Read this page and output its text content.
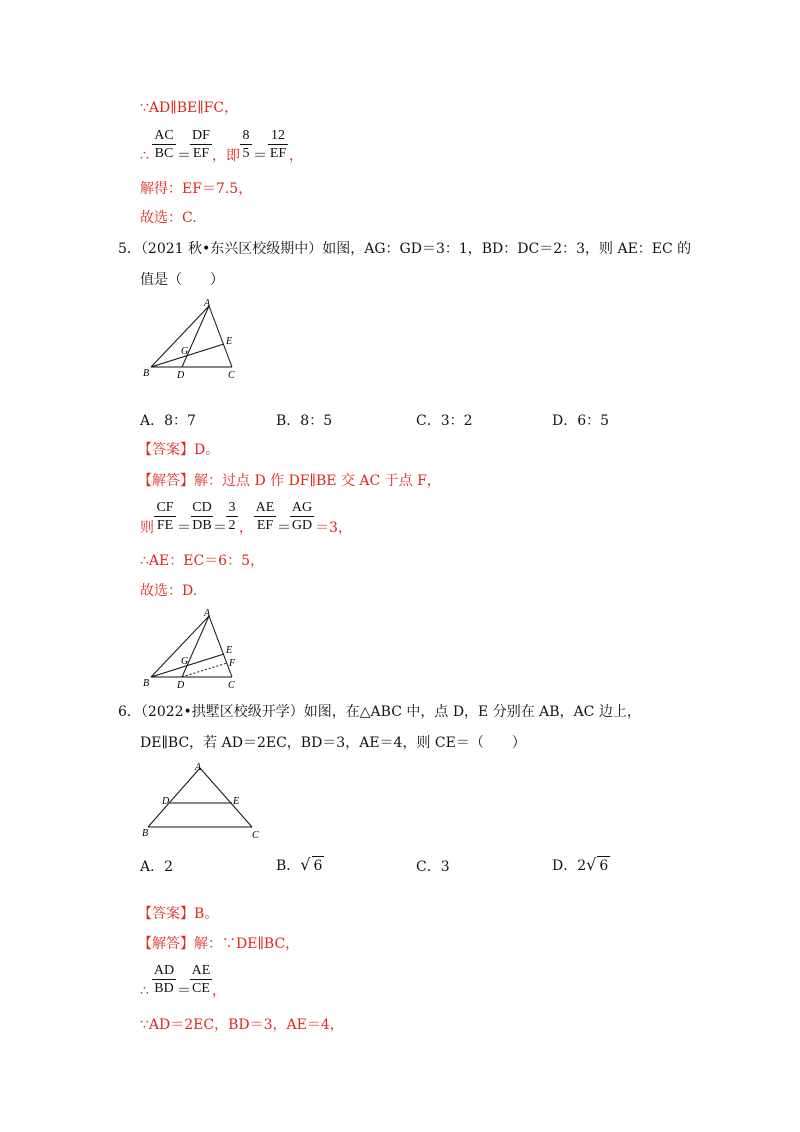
∵AD∥BE∥FC，
∴
AC
BC ＝
DF
EF ，即
8
5 ＝
12
EF ，
解得：EF＝7.5，
故选：C.
5．（2021 秋•东兴区校级期中）如图，AG：GD＝3：1，BD：DC＝2：3，则 AE：EC 的
值是（　　）
A
B	C
D
E
G
A．8：7	B．8：5	C．3：2	D．6：5
【答案】D。
【解答】解：过点 D 作 DF∥BE 交 AC 于点 F，
则
CF
FE ＝
CD
DB ＝
3
2 ，
AE
EF ＝
AG
GD ＝3，
∴AE：EC＝6：5，
故选：D.
A
B	C
D
E
F
G
6．（2022•拱墅区校级开学）如图，在△ABC 中，点 D，E 分别在 AB，AC 边上，
DE∥BC，若 AD＝2EC，BD＝3，AE＝4，则 CE＝（　　）
A
B	C
D	E
A．2	B．√ 6	C．3	D．2√ 6
【答案】B。
【解答】解：∵DE∥BC，
∴
AD
BD ＝
AE
CE ，
∵AD＝2EC，BD＝3，AE＝4，
